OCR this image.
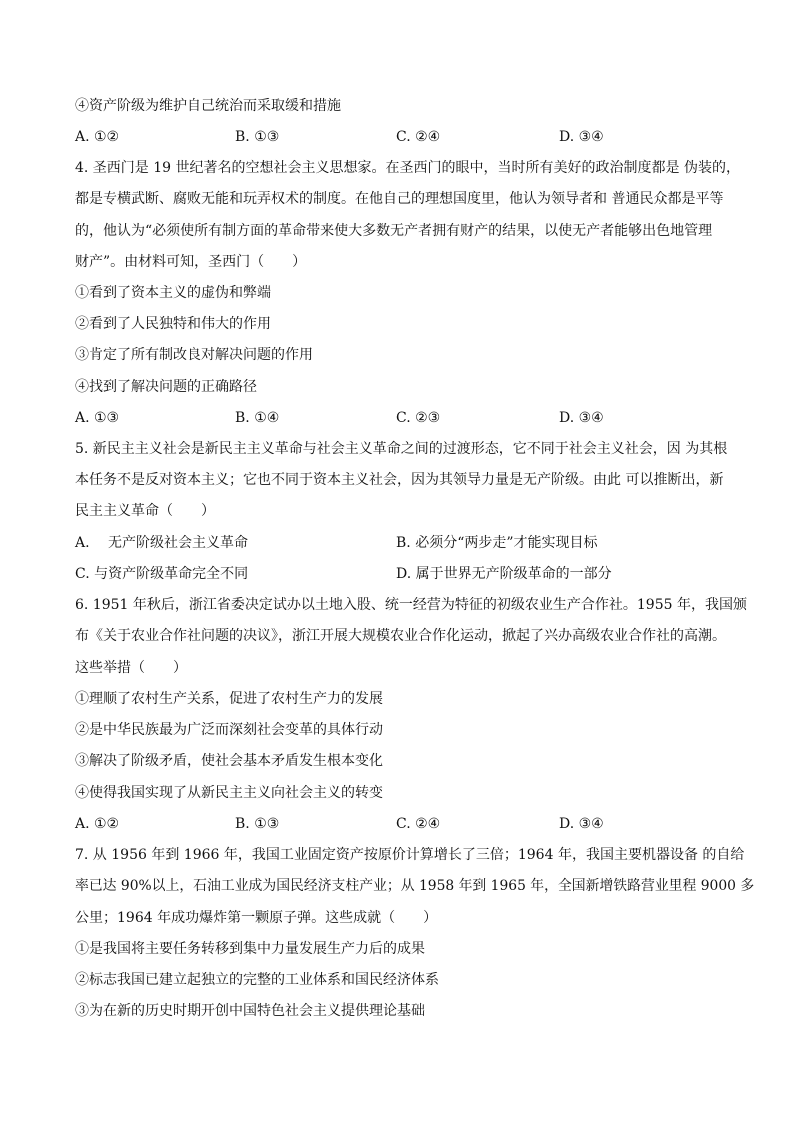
④资产阶级为维护自己统治而采取缓和措施
A. ①②	B. ①③	C. ②④	D. ③④
4. 圣西门是 19 世纪著名的空想社会主义思想家。在圣西门的眼中，当时所有美好的政治制度都是 伪装的，
都是专横武断、腐败无能和玩弄权术的制度。在他自己的理想国度里，他认为领导者和 普通民众都是平等
的，他认为“必须使所有制方面的革命带来使大多数无产者拥有财产的结果，以使无产者能够出色地管理
财产”。由材料可知，圣西门（　　）
①看到了资本主义的虚伪和弊端
②看到了人民独特和伟大的作用
③肯定了所有制改良对解决问题的作用
④找到了解决问题的正确路径
A. ①③	B. ①④	C. ②③	D. ③④
5. 新民主主义社会是新民主主义革命与社会主义革命之间的过渡形态，它不同于社会主义社会，因 为其根
本任务不是反对资本主义；它也不同于资本主义社会，因为其领导力量是无产阶级。由此 可以推断出，新
民主主义革命（　　）
A.　 无产阶级社会主义革命	B. 必须分“两步走”才能实现目标
C. 与资产阶级革命完全不同	D. 属于世界无产阶级革命的一部分
6. 1951 年秋后，浙江省委决定试办以土地入股、统一经营为特征的初级农业生产合作社。1955 年，我国颁
布《关于农业合作社问题的决议》，浙江开展大规模农业合作化运动，掀起了兴办高级农业合作社的高潮。
这些举措（　　）
①理顺了农村生产关系，促进了农村生产力的发展
②是中华民族最为广泛而深刻社会变革的具体行动
③解决了阶级矛盾，使社会基本矛盾发生根本变化
④使得我国实现了从新民主主义向社会主义的转变
A. ①②	B. ①③	C. ②④	D. ③④
7. 从 1956 年到 1966 年，我国工业固定资产按原价计算增长了三倍；1964 年，我国主要机器设备 的自给
率已达 90%以上，石油工业成为国民经济支柱产业；从 1958 年到 1965 年，全国新增铁路营业里程 9000 多
公里；1964 年成功爆炸第一颗原子弹。这些成就（　　）
①是我国将主要任务转移到集中力量发展生产力后的成果
②标志我国已建立起独立的完整的工业体系和国民经济体系
③为在新的历史时期开创中国特色社会主义提供理论基础
